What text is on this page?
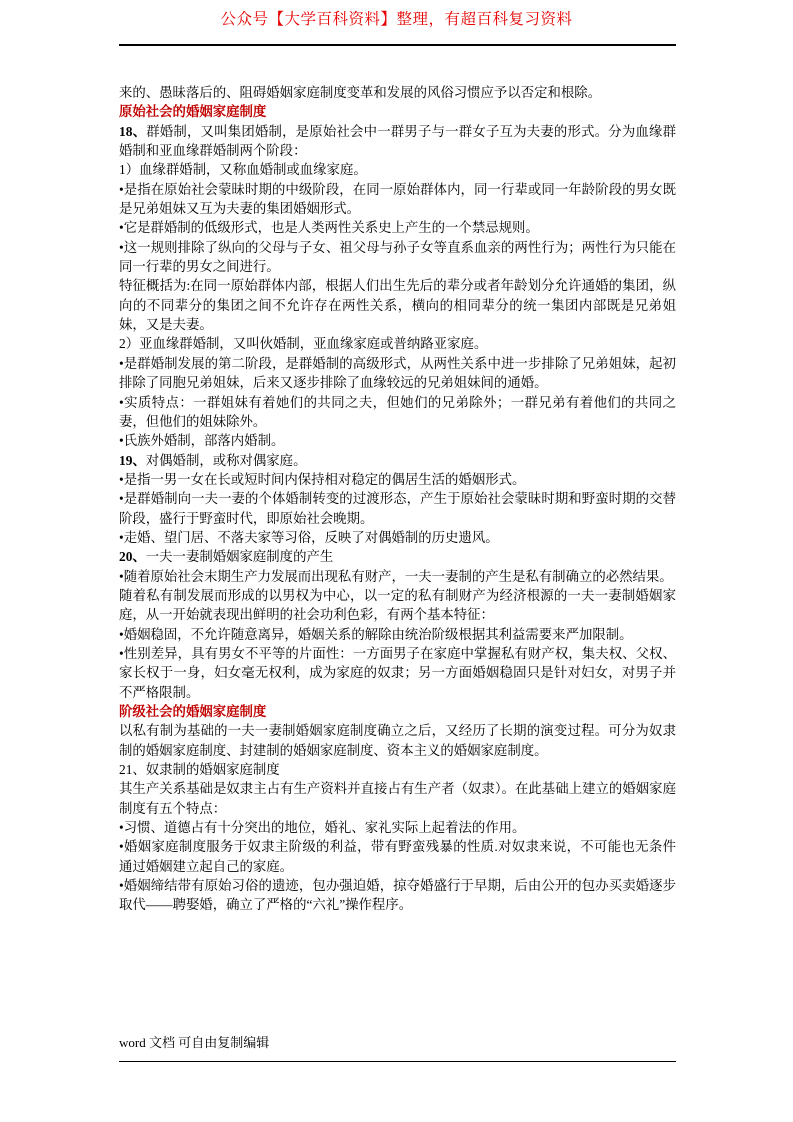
公众号【大学百科资料】整理，有超百科复习资料
来的、愚昧落后的、阻碍婚姻家庭制度变革和发展的风俗习惯应予以否定和根除。
原始社会的婚姻家庭制度
18、群婚制，又叫集团婚制，是原始社会中一群男子与一群女子互为夫妻的形式。分为血缘群婚制和亚血缘群婚制两个阶段：
1）血缘群婚制，又称血婚制或血缘家庭。
•是指在原始社会蒙昧时期的中级阶段，在同一原始群体内，同一行辈或同一年龄阶段的男女既是兄弟姐妹又互为夫妻的集团婚姻形式。
•它是群婚制的低级形式，也是人类两性关系史上产生的一个禁忌规则。
•这一规则排除了纵向的父母与子女、祖父母与孙子女等直系血亲的两性行为；两性行为只能在同一行辈的男女之间进行。
特征概括为:在同一原始群体内部，根据人们出生先后的辈分或者年龄划分允许通婚的集团，纵向的不同辈分的集团之间不允许存在两性关系，横向的相同辈分的统一集团内部既是兄弟姐妹，又是夫妻。
2）亚血缘群婚制，又叫伙婚制，亚血缘家庭或普纳路亚家庭。
•是群婚制发展的第二阶段，是群婚制的高级形式，从两性关系中进一步排除了兄弟姐妹，起初排除了同胞兄弟姐妹，后来又逐步排除了血缘较远的兄弟姐妹间的通婚。
•实质特点：一群姐妹有着她们的共同之夫，但她们的兄弟除外；一群兄弟有着他们的共同之妻，但他们的姐妹除外。
•氏族外婚制，部落内婚制。
19、对偶婚制，或称对偶家庭。
•是指一男一女在长或短时间内保持相对稳定的偶居生活的婚姻形式。
•是群婚制向一夫一妻的个体婚制转变的过渡形态，产生于原始社会蒙昧时期和野蛮时期的交替阶段，盛行于野蛮时代，即原始社会晚期。
•走婚、望门居、不落夫家等习俗，反映了对偶婚制的历史遗风。
20、一夫一妻制婚姻家庭制度的产生
•随着原始社会末期生产力发展而出现私有财产，一夫一妻制的产生是私有制确立的必然结果。
随着私有制发展而形成的以男权为中心，以一定的私有制财产为经济根源的一夫一妻制婚姻家庭，从一开始就表现出鲜明的社会功利色彩，有两个基本特征：
•婚姻稳固，不允许随意离异，婚姻关系的解除由统治阶级根据其利益需要来严加限制。
•性别差异，具有男女不平等的片面性：一方面男子在家庭中掌握私有财产权，集夫权、父权、家长权于一身，妇女毫无权利，成为家庭的奴隶；另一方面婚姻稳固只是针对妇女，对男子并不严格限制。
阶级社会的婚姻家庭制度
以私有制为基础的一夫一妻制婚姻家庭制度确立之后，又经历了长期的演变过程。可分为奴隶制的婚姻家庭制度、封建制的婚姻家庭制度、资本主义的婚姻家庭制度。
21、奴隶制的婚姻家庭制度
其生产关系基础是奴隶主占有生产资料并直接占有生产者（奴隶）。在此基础上建立的婚姻家庭制度有五个特点：
•习惯、道德占有十分突出的地位，婚礼、家礼实际上起着法的作用。
•婚姻家庭制度服务于奴隶主阶级的利益，带有野蛮残暴的性质.对奴隶来说，不可能也无条件通过婚姻建立起自己的家庭。
•婚姻缔结带有原始习俗的遗迹，包办强迫婚，掠夺婚盛行于早期，后由公开的包办买卖婚逐步取代——聘娶婚，确立了严格的“六礼”操作程序。
word 文档 可自由复制编辑
